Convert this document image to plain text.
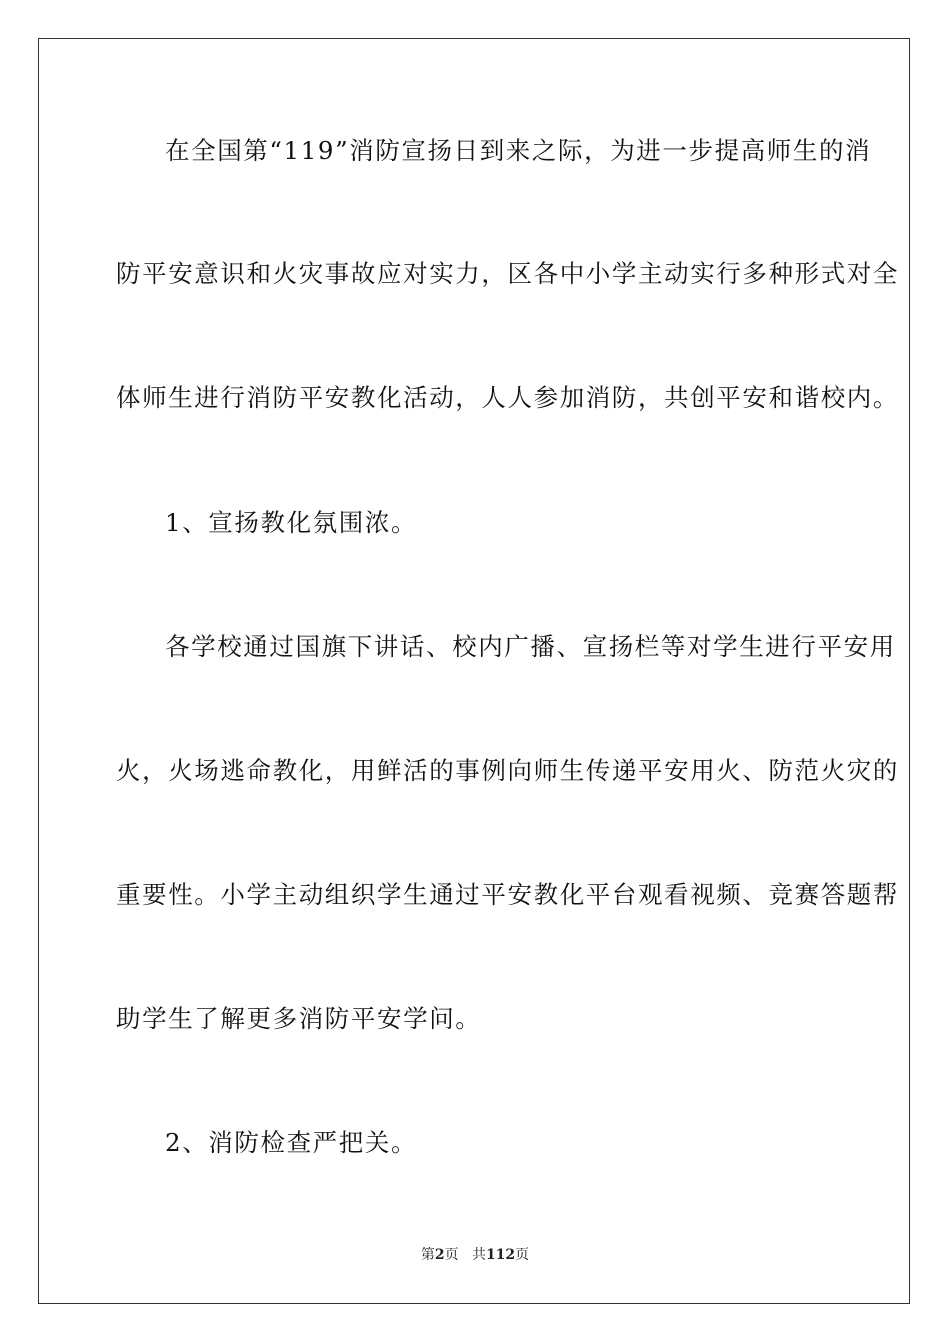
在全国第“119”消防宣扬日到来之际，为进一步提高师生的消
防平安意识和火灾事故应对实力，区各中小学主动实行多种形式对全
体师生进行消防平安教化活动，人人参加消防，共创平安和谐校内。
1、宣扬教化氛围浓。
各学校通过国旗下讲话、校内广播、宣扬栏等对学生进行平安用
火，火场逃命教化，用鲜活的事例向师生传递平安用火、防范火灾的
重要性。小学主动组织学生通过平安教化平台观看视频、竞赛答题帮
助学生了解更多消防平安学问。
2、消防检查严把关。
第2页 共112页
